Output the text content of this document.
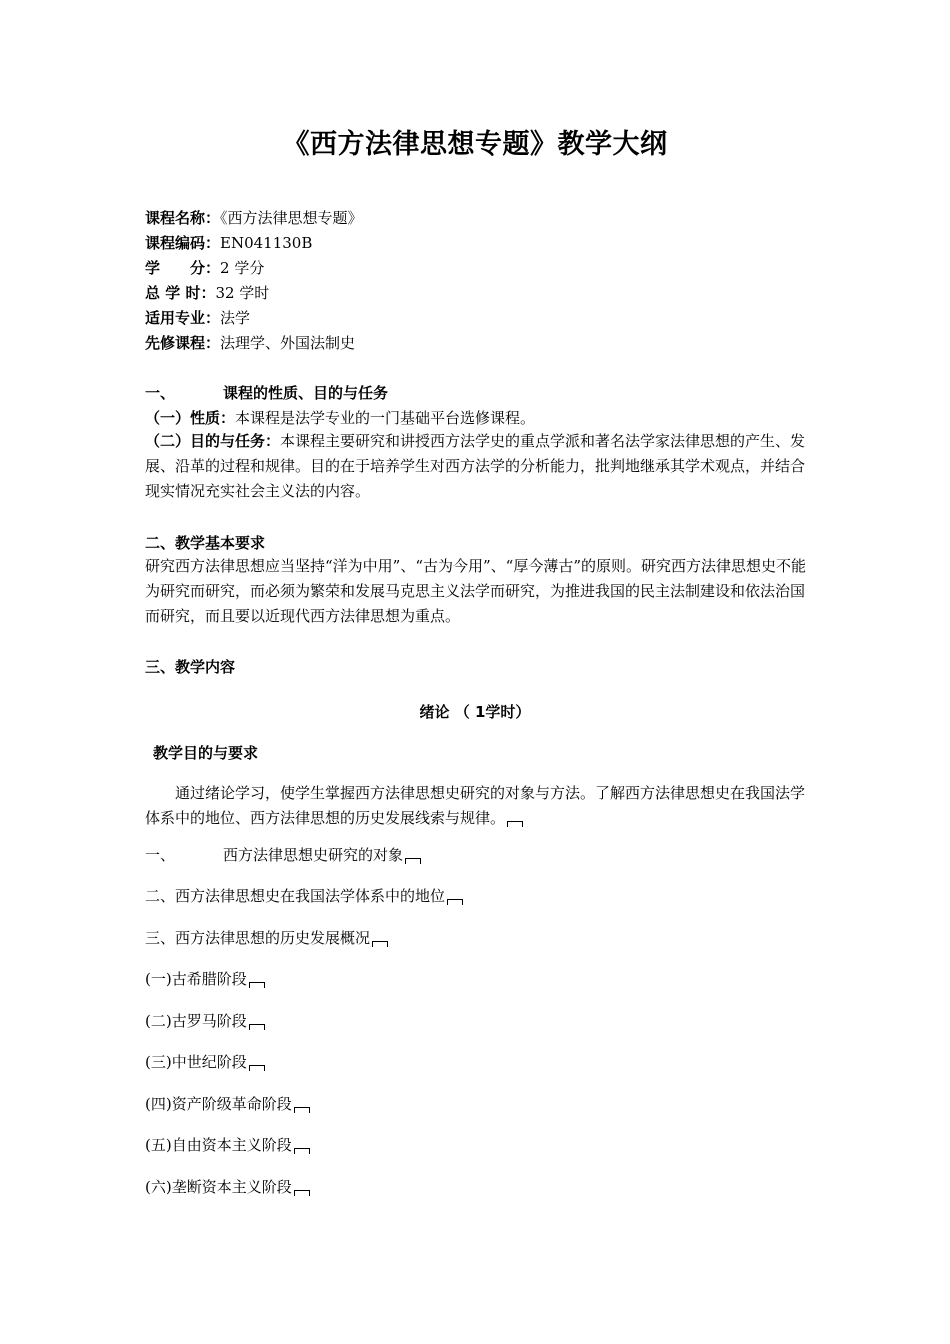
《西方法律思想专题》教学大纲
课程名称：《西方法律思想专题》
课程编码：EN041130B
学　　分：2 学分
总 学 时：32 学时
适用专业：法学
先修课程：法理学、外国法制史
一、	课程的性质、目的与任务
（一）性质：本课程是法学专业的一门基础平台选修课程。
（二）目的与任务：本课程主要研究和讲授西方法学史的重点学派和著名法学家法律思想的产生、发展、沿革的过程和规律。目的在于培养学生对西方法学的分析能力，批判地继承其学术观点，并结合现实情况充实社会主义法的内容。
二、教学基本要求
研究西方法律思想应当坚持“洋为中用”、“古为今用”、“厚今薄古”的原则。研究西方法律思想史不能为研究而研究，而必须为繁荣和发展马克思主义法学而研究，为推进我国的民主法制建设和依法治国而研究，而且要以近现代西方法律思想为重点。
三、教学内容
绪论 （ 1学时）
教学目的与要求
通过绪论学习，使学生掌握西方法律思想史研究的对象与方法。了解西方法律思想史在我国法学体系中的地位、西方法律思想的历史发展线索与规律。
一、	西方法律思想史研究的对象
二、西方法律思想史在我国法学体系中的地位
三、西方法律思想的历史发展概况
(一)古希腊阶段
(二)古罗马阶段
(三)中世纪阶段
(四)资产阶级革命阶段
(五)自由资本主义阶段
(六)垄断资本主义阶段
